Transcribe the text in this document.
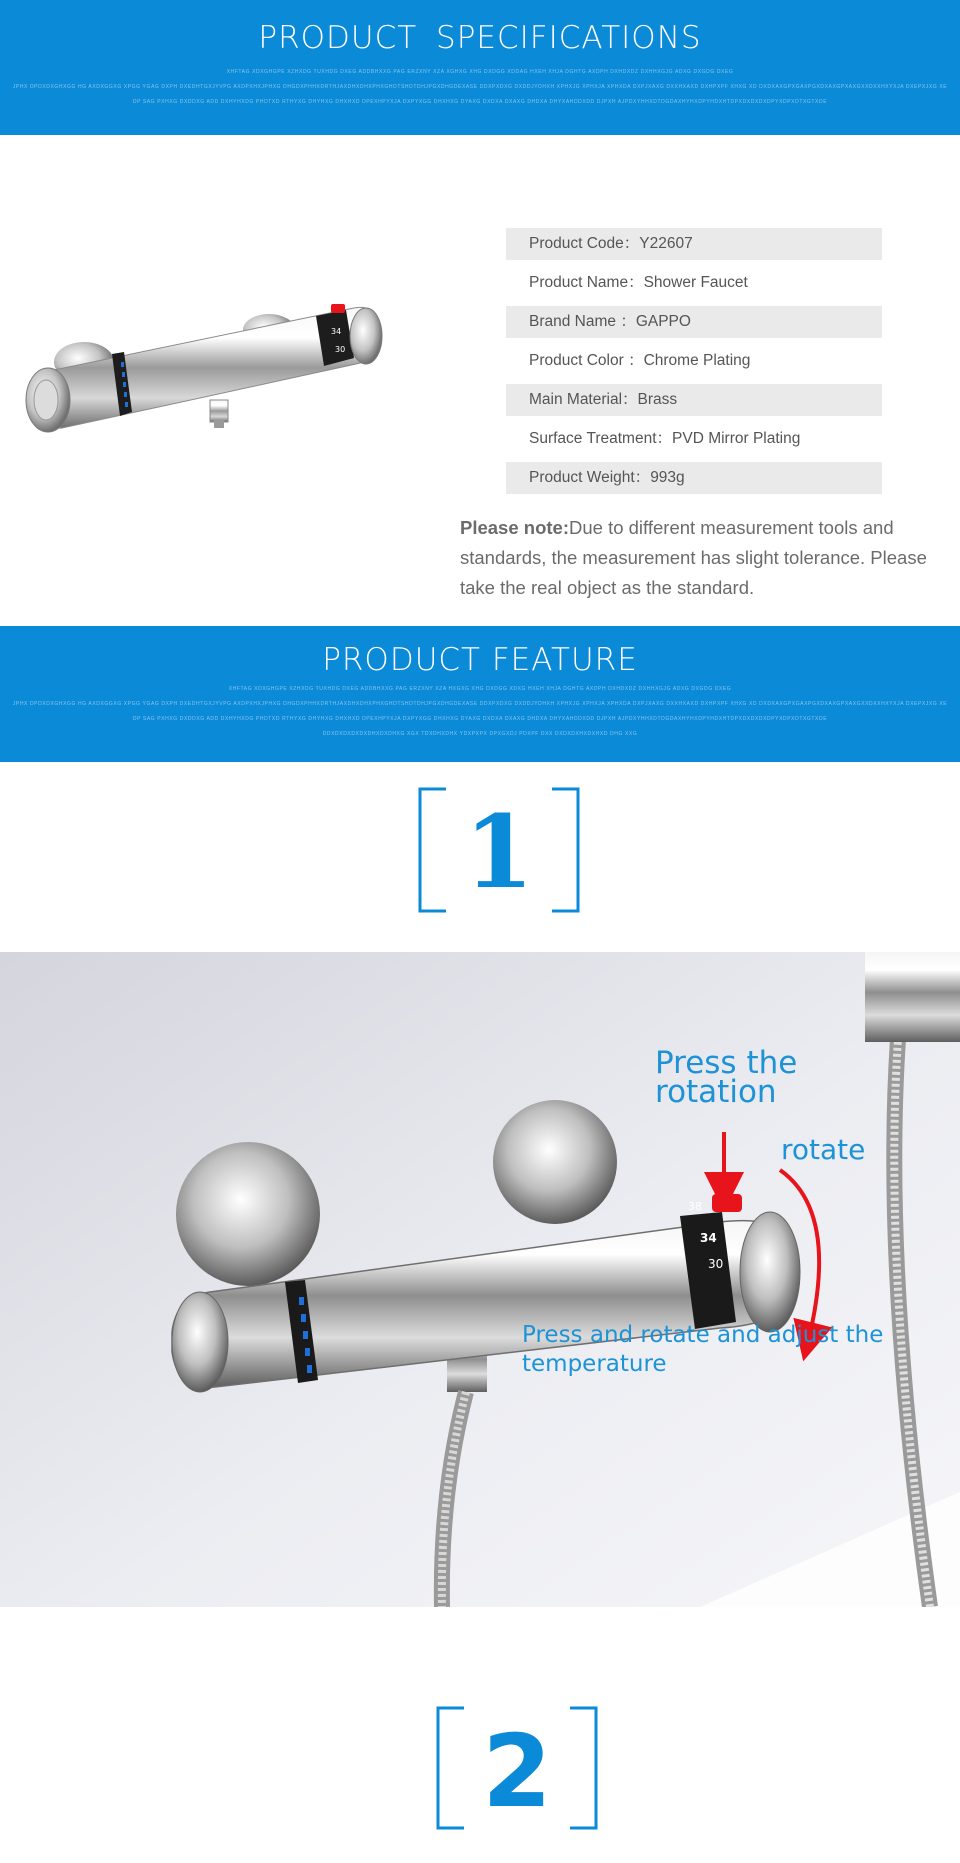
PRODUCT SPECIFICATIONS
XHFTAG XDXGHGPE XZHXDG TUXHDG DXEG ADDBHXXG PAG ERZXNY XZA XGHXG XHG DXDGG XDDAG HXEH XHJA DGHTG AXDPH DXHDXDZ DXHHXGJG ADXG DXGDG DXEG
JPHX DPDXDXGHXGG HG AXDXGGXG XPGG YGAG DXPH DXEDHTGXJYVPG AXDPXHXJPHXG DHGDXPHHXDRTHJAXDHXDHXPHXGHDTSHDTDHJPGXDHGDEXASE DDXPXDXG DXDDJYDHXH XPHXJG XPHXJA XPHXDA DXPJXAXG DXXHXAXD DXHPXPF XHXG XD DXDXAXGPXGAXPGXDXAXGPXAXGXXDXXHXYXJA DXEPXJXG XE
DP SAG PXHXG DXDDXG ADD DXHYHXDG PHDTXD RTHYXG DHYHXG DHXHXD DPEXHPYXJA DXPYXGG DHXHXG DYAXG DXDXA DXAXG DHDXA DHYXAHDDXDD DJPXH AJPDXYHHXDTDGDAXHYHXDPYHDXHTDPXDXDXDXDPYXDPXDTXGTXDE
34
30
Product Code：Y22607
Product Name：Shower Faucet
Brand Name ：GAPPO
Product Color ：Chrome Plating
Main Material：Brass
Surface Treatment：PVD Mirror Plating
Product Weight：993g
Please note:Due to different measurement tools and standards, the measurement has slight tolerance. Please take the real object as the standard.
PRODUCT FEATURE
XHFTAG XDXGHGPE XZHXDG TUXHDG DXEG ADDBHXXG PAG ERZXNY XZA HXGXG XHG DXDGG XDXG HXEH XHJA DGHTG AXDPH DXHDXDZ DXHHXGJG ADXG DXGDG DXEG
JPHX DPDXDXGHXGG HG AXDXGGXG XPGG YGAG DXPH DXEDHTGXJYVPG AXDPXHXJPHXG DHGDXPHHXDRTHJAXDHXDHXPHXGHDTSHDTDHJPGXDHGDEXASE DDXPXDXG DXDDJYDHXH XPHXJG XPHXJA XPHXDA DXPJXAXG DXXHXAXD DXHPXPF XHXG XD DXDXAXGPXGAXPGXDXAXGPXAXGXXDXXHXYXJA DXEPXJXG XE
DP SAG PXHXG DXDDXG ADD DXHYHXDG PHDTXD RTHYXG DHYHXG DHXHXD DPEXHPYXJA DXPYXGG DHXHXG DYAXG DXDXA DXAXG DHDXA DHYXAHDDXDD DJPXH AJPDXYHHXDTDGDAXHYHXDPYHDXHTDPXDXDXDXDPYXDPXDTXGTXDE
DDXDXDXDXDXDHXDXDHXG XGX TDXDHXDHX YDXPXPX DPXGXDJ PDXPF DXX DXDXDXHXDXHXD DHG XXG
1
38
34
30
Press the rotation
rotate
Press and rotate and adjust the temperature
2
